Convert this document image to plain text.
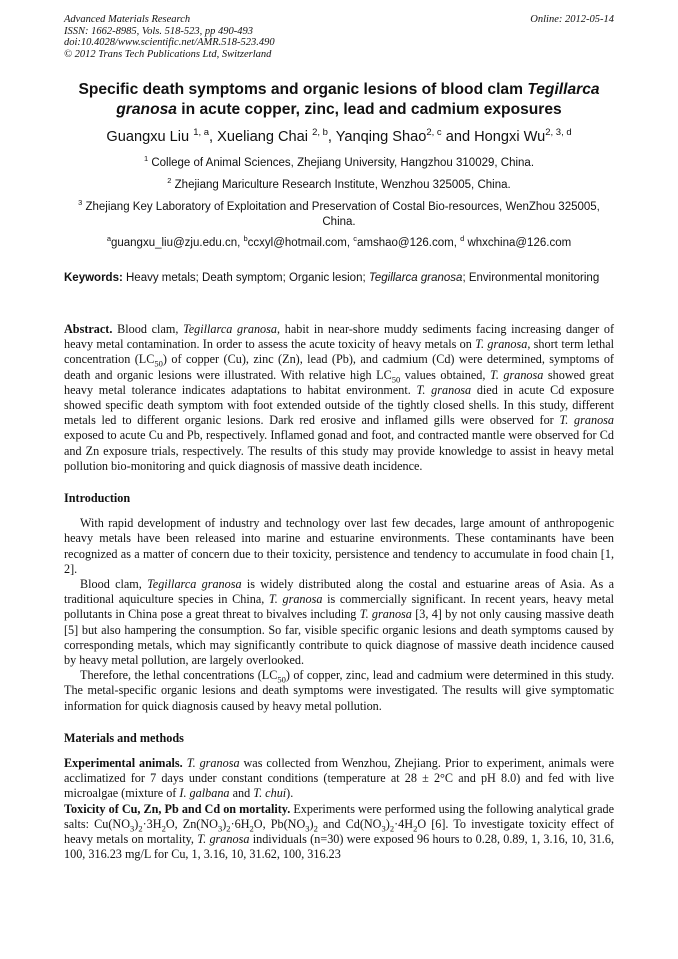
Advanced Materials Research
ISSN: 1662-8985, Vols. 518-523, pp 490-493
doi:10.4028/www.scientific.net/AMR.518-523.490
© 2012 Trans Tech Publications Ltd, Switzerland
Online: 2012-05-14
Specific death symptoms and organic lesions of blood clam Tegillarca granosa in acute copper, zinc, lead and cadmium exposures
Guangxu Liu $^{1, a}$, Xueliang Chai $^{2, b}$, Yanqing Shao$^{2, c}$ and Hongxi Wu$^{2, 3, d}$
$^1$ College of Animal Sciences, Zhejiang University, Hangzhou 310029, China.
$^2$ Zhejiang Mariculture Research Institute, Wenzhou 325005, China.
$^3$ Zhejiang Key Laboratory of Exploitation and Preservation of Costal Bio-resources, WenZhou 325005, China.
$^a$guangxu_liu@zju.edu.cn, $^b$ccxyl@hotmail.com, $^c$amshao@126.com, $^d$ whxchina@126.com
Keywords: Heavy metals; Death symptom; Organic lesion; Tegillarca granosa; Environmental monitoring

Abstract. Blood clam, Tegillarca granosa, habit in near-shore muddy sediments facing increasing danger of heavy metal contamination. In order to assess the acute toxicity of heavy metals on T. granosa, short term lethal concentration $(LC_{50})$ of copper (Cu), zinc (Zn), lead (Pb), and cadmium (Cd) were determined, symptoms of death and organic lesions were illustrated. With relative high $LC_{50}$ values obtained, T. granosa showed great heavy metal tolerance indicates adaptations to habitat environment. T. granosa died in acute Cd exposure showed specific death symptom with foot extended outside of the tightly closed shells. In this study, different metals led to different organic lesions. Dark red erosive and inflamed gills were observed for T. granosa exposed to acute Cu and Pb, respectively. Inflamed gonad and foot, and contracted mantle were observed for Cd and Zn exposure trials, respectively. The results of this study may provide knowledge to assist in heavy metal pollution bio-monitoring and quick diagnosis of massive death incidence.

Introduction

With rapid development of industry and technology over last few decades, large amount of anthropogenic heavy metals have been released into marine and estuarine environments. These contaminants have been recognized as a matter of concern due to their toxicity, persistence and tendency to accumulate in food chain [1, 2].

Blood clam, Tegillarca granosa is widely distributed along the costal and estuarine areas of Asia. As a traditional aquiculture species in China, T. granosa is commercially significant. In recent years, heavy metal pollutants in China pose a great threat to bivalves including T. granosa [3, 4] by not only causing massive death [5] but also hampering the consumption. So far, visible specific organic lesions and death symptoms caused by corresponding metals, which may significantly contribute to quick diagnose of massive death incidence caused by heavy metal pollution, are largely overlooked.

Therefore, the lethal concentrations $(LC_{50})$ of copper, zinc, lead and cadmium were determined in this study. The metal-specific organic lesions and death symptoms were investigated. The results will give symptomatic information for quick diagnosis caused by heavy metal pollution.

Materials and methods

Experimental animals. T. granosa was collected from Wenzhou, Zhejiang. Prior to experiment, animals were acclimatized for 7 days under constant conditions (temperature at 28 ± 2°C and pH 8.0) and fed with live microalgae (mixture of I. galbana and T. chui).

Toxicity of Cu, Zn, Pb and Cd on mortality. Experiments were performed using the following analytical grade salts: $Cu(NO_3)_2\cdot 3H_2O$, $Zn(NO_3)_2\cdot 6H_2O$, $Pb(NO_3)_2$ and $Cd(NO_3)_2\cdot 4H_2O$ [6]. To investigate toxicity effect of heavy metals on mortality, T. granosa individuals (n=30) were exposed 96 hours to 0.28, 0.89, 1, 3.16, 10, 31.6, 100, 316.23 mg/L for Cu, 1, 3.16, 10, 31.62, 100, 316.23
